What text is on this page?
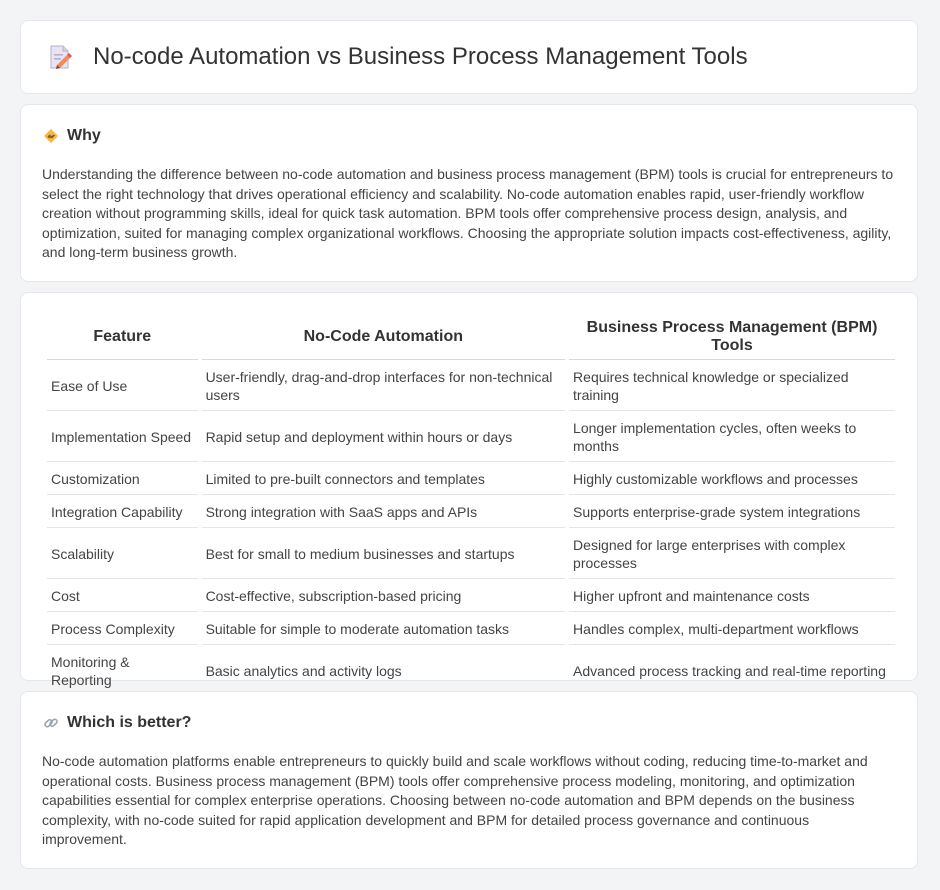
No-code Automation vs Business Process Management Tools
Why

Understanding the difference between no-code automation and business process management (BPM) tools is crucial for entrepreneurs to select the right technology that drives operational efficiency and scalability. No-code automation enables rapid, user-friendly workflow creation without programming skills, ideal for quick task automation. BPM tools offer comprehensive process design, analysis, and optimization, suited for managing complex organizational workflows. Choosing the appropriate solution impacts cost-effectiveness, agility, and long-term business growth.

Feature	No-Code Automation	Business Process Management (BPM) Tools
Ease of Use	User-friendly, drag-and-drop interfaces for non-technical users	Requires technical knowledge or specialized training
Implementation Speed	Rapid setup and deployment within hours or days	Longer implementation cycles, often weeks to months
Customization	Limited to pre-built connectors and templates	Highly customizable workflows and processes
Integration Capability	Strong integration with SaaS apps and APIs	Supports enterprise-grade system integrations
Scalability	Best for small to medium businesses and startups	Designed for large enterprises with complex processes
Cost	Cost-effective, subscription-based pricing	Higher upfront and maintenance costs
Process Complexity	Suitable for simple to moderate automation tasks	Handles complex, multi-department workflows
Monitoring & Reporting	Basic analytics and activity logs	Advanced process tracking and real-time reporting
Which is better?

No-code automation platforms enable entrepreneurs to quickly build and scale workflows without coding, reducing time-to-market and operational costs. Business process management (BPM) tools offer comprehensive process modeling, monitoring, and optimization capabilities essential for complex enterprise operations. Choosing between no-code automation and BPM depends on the business complexity, with no-code suited for rapid application development and BPM for detailed process governance and continuous improvement.
